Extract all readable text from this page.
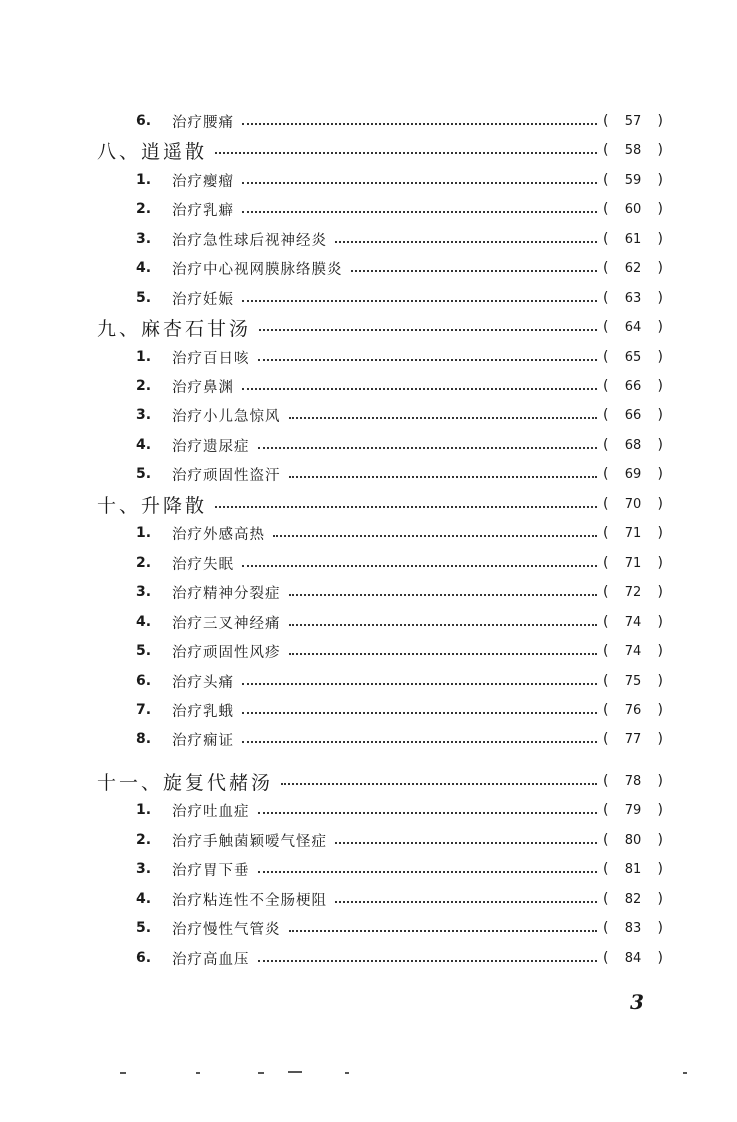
6.	治疗腰痛	( 57 )
八、逍遥散	( 58 )
1.	治疗瘿瘤	( 59 )
2.	治疗乳癖	( 60 )
3.	治疗急性球后视神经炎	( 61 )
4.	治疗中心视网膜脉络膜炎	( 62 )
5.	治疗妊娠	( 63 )
九、麻杏石甘汤	( 64 )
1.	治疗百日咳	( 65 )
2.	治疗鼻渊	( 66 )
3.	治疗小儿急惊风	( 66 )
4.	治疗遗尿症	( 68 )
5.	治疗顽固性盗汗	( 69 )
十、升降散	( 70 )
1.	治疗外感高热	( 71 )
2.	治疗失眠	( 71 )
3.	治疗精神分裂症	( 72 )
4.	治疗三叉神经痛	( 74 )
5.	治疗顽固性风疹	( 74 )
6.	治疗头痛	( 75 )
7.	治疗乳蛾	( 76 )
8.	治疗痫证	( 77 )
十一、旋复代赭汤	( 78 )
1.	治疗吐血症	( 79 )
2.	治疗手触菌颖嗳气怪症	( 80 )
3.	治疗胃下垂	( 81 )
4.	治疗粘连性不全肠梗阻	( 82 )
5.	治疗慢性气管炎	( 83 )
6.	治疗高血压	( 84 )
3
